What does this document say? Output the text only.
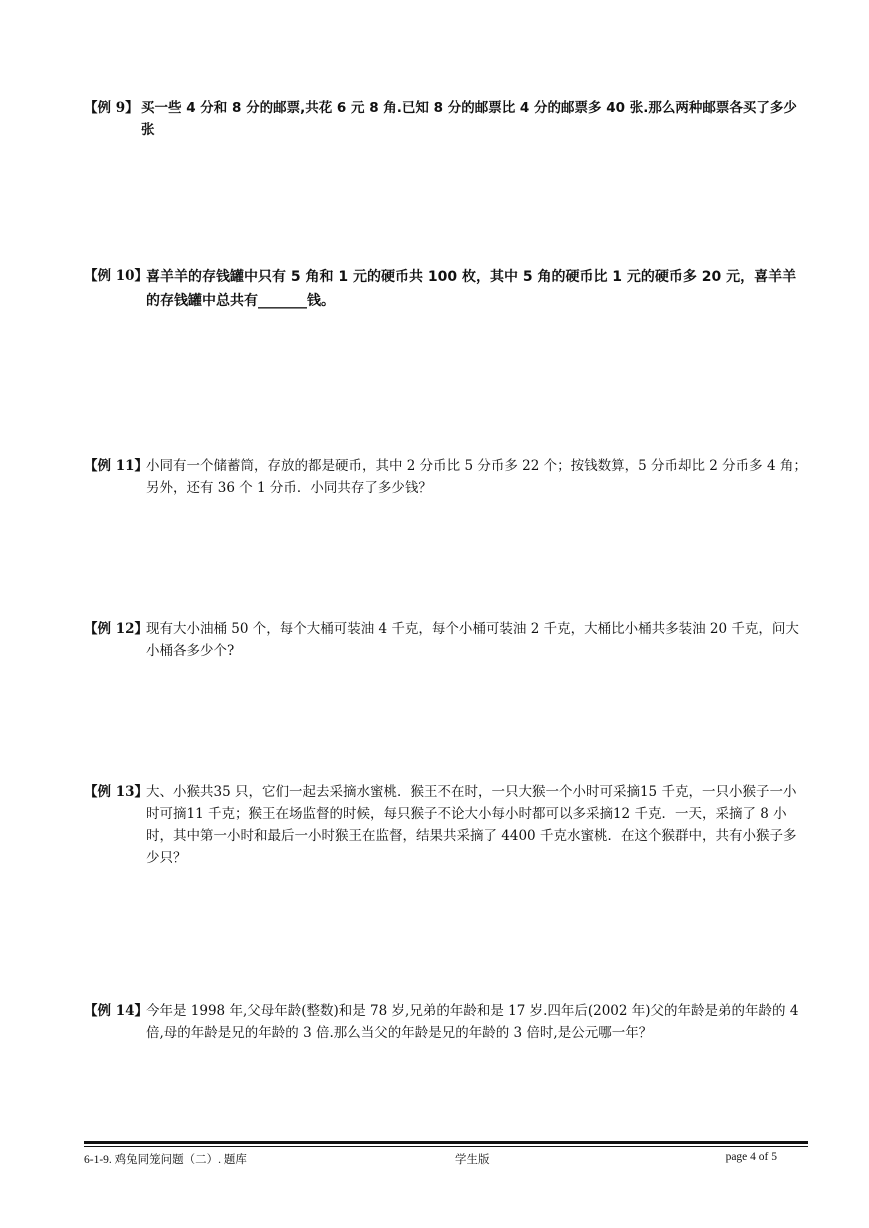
【例 9】 买一些 4 分和 8 分的邮票,共花 6 元 8 角.已知 8 分的邮票比 4 分的邮票多 40 张.那么两种邮票各买了多少张
【例 10】
喜羊羊的存钱罐中只有 5 角和 1 元的硬币共 100 枚，其中 5 角的硬币比 1 元的硬币多 20 元，喜羊羊的存钱罐中总共有_______钱。
【例 11】
小同有一个储蓄筒，存放的都是硬币，其中 2 分币比 5 分币多 22 个；按钱数算，5 分币却比 2 分币多 4 角；另外，还有 36 个 1 分币．小同共存了多少钱？
【例 12】
现有大小油桶 50 个，每个大桶可装油 4 千克，每个小桶可装油 2 千克，大桶比小桶共多装油 20 千克，问大小桶各多少个?
【例 13】
大、小猴共35 只，它们一起去采摘水蜜桃．猴王不在时，一只大猴一个小时可采摘15 千克，一只小猴子一小时可摘11 千克；猴王在场监督的时候，每只猴子不论大小每小时都可以多采摘12 千克．一天，采摘了 8 小时，其中第一小时和最后一小时猴王在监督，结果共采摘了 4400 千克水蜜桃．在这个猴群中，共有小猴子多少只？
【例 14】
今年是 1998 年,父母年龄(整数)和是 78 岁,兄弟的年龄和是 17 岁.四年后(2002 年)父的年龄是弟的年龄的 4 倍,母的年龄是兄的年龄的 3 倍.那么当父的年龄是兄的年龄的 3 倍时,是公元哪一年？
6-1-9. 鸡兔同笼问题（二）. 题库	学生版	page 4 of 5
